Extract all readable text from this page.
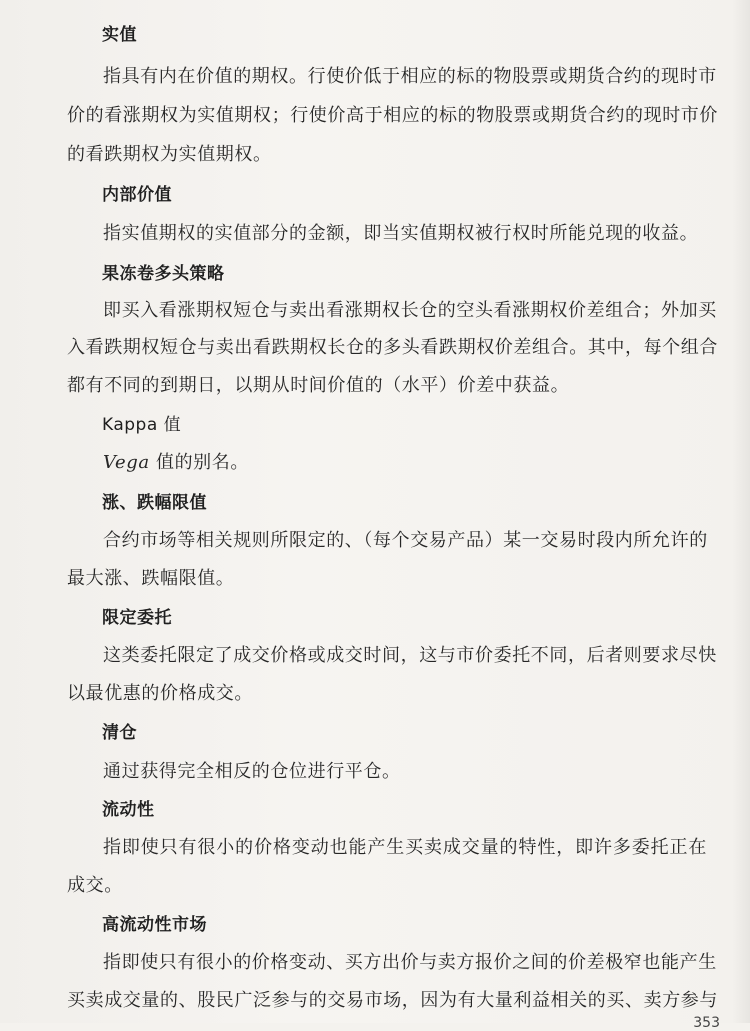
实值
指具有内在价值的期权。行使价低于相应的标的物股票或期货合约的现时市
价的看涨期权为实值期权；行使价高于相应的标的物股票或期货合约的现时市价
的看跌期权为实值期权。
内部价值
指实值期权的实值部分的金额，即当实值期权被行权时所能兑现的收益。
果冻卷多头策略
即买入看涨期权短仓与卖出看涨期权长仓的空头看涨期权价差组合；外加买
入看跌期权短仓与卖出看跌期权长仓的多头看跌期权价差组合。其中，每个组合
都有不同的到期日，以期从时间价值的（水平）价差中获益。
Kappa 值
Vega 值的别名。
涨、跌幅限值
合约市场等相关规则所限定的、（每个交易产品）某一交易时段内所允许的
最大涨、跌幅限值。
限定委托
这类委托限定了成交价格或成交时间，这与市价委托不同，后者则要求尽快
以最优惠的价格成交。
清仓
通过获得完全相反的仓位进行平仓。
流动性
指即使只有很小的价格变动也能产生买卖成交量的特性，即许多委托正在
成交。
高流动性市场
指即使只有很小的价格变动、买方出价与卖方报价之间的价差极窄也能产生
买卖成交量的、股民广泛参与的交易市场，因为有大量利益相关的买、卖方参与
353
